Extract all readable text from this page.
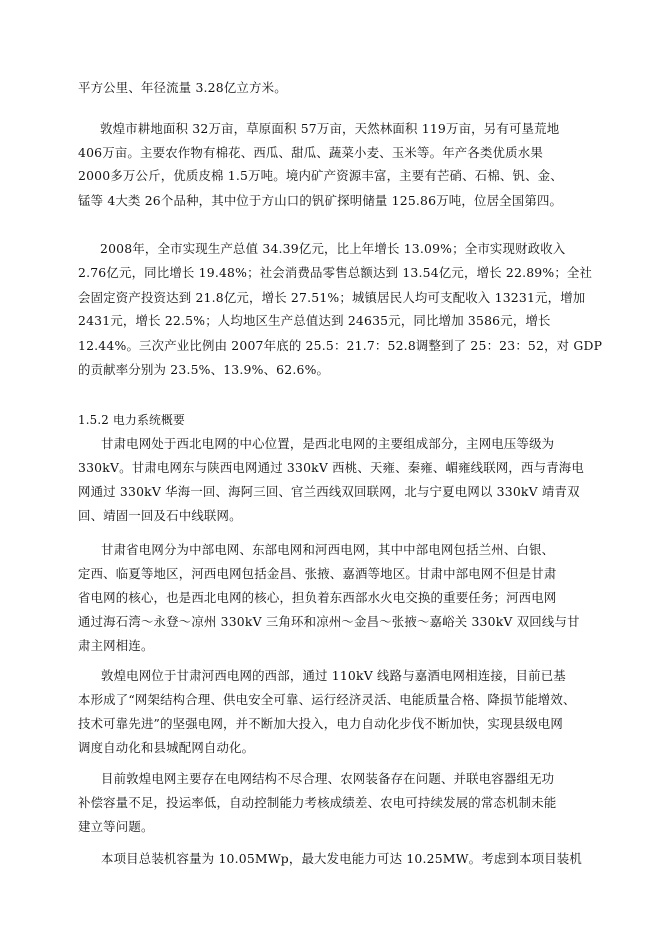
平方公里、年径流量 3.28亿立方米。
敦煌市耕地面积 32万亩，草原面积 57万亩，天然林面积 119万亩，另有可垦荒地
406万亩。主要农作物有棉花、西瓜、甜瓜、蔬菜小麦、玉米等。年产各类优质水果
2000多万公斤，优质皮棉 1.5万吨。境内矿产资源丰富，主要有芒硝、石棉、钒、金、
锰等 4大类 26个品种，其中位于方山口的钒矿探明储量 125.86万吨，位居全国第四。
2008年，全市实现生产总值 34.39亿元，比上年增长 13.09%；全市实现财政收入
2.76亿元，同比增长 19.48%；社会消费品零售总额达到 13.54亿元，增长 22.89%；全社
会固定资产投资达到 21.8亿元，增长 27.51%；城镇居民人均可支配收入 13231元，增加
2431元，增长 22.5%；人均地区生产总值达到 24635元，同比增加 3586元，增长
12.44%。三次产业比例由 2007年底的 25.5：21.7：52.8调整到了 25：23：52，对 GDP
的贡献率分别为 23.5%、13.9%、62.6%。
1.5.2 电力系统概要
甘肃电网处于西北电网的中心位置，是西北电网的主要组成部分，主网电压等级为
330kV。甘肃电网东与陕西电网通过 330kV 西桃、天雍、秦雍、嵋雍线联网，西与青海电
网通过 330kV 华海一回、海阿三回、官兰西线双回联网，北与宁夏电网以 330kV 靖青双
回、靖固一回及石中线联网。
甘肃省电网分为中部电网、东部电网和河西电网，其中中部电网包括兰州、白银、
定西、临夏等地区，河西电网包括金昌、张掖、嘉酒等地区。甘肃中部电网不但是甘肃
省电网的核心，也是西北电网的核心，担负着东西部水火电交换的重要任务；河西电网
通过海石湾～永登～凉州 330kV 三角环和凉州～金昌～张掖～嘉峪关 330kV 双回线与甘
肃主网相连。
敦煌电网位于甘肃河西电网的西部，通过 110kV 线路与嘉酒电网相连接，目前已基
本形成了“网架结构合理、供电安全可靠、运行经济灵活、电能质量合格、降损节能增效、
技术可靠先进”的坚强电网，并不断加大投入，电力自动化步伐不断加快，实现县级电网
调度自动化和县城配网自动化。
目前敦煌电网主要存在电网结构不尽合理、农网装备存在问题、并联电容器组无功
补偿容量不足，投运率低，自动控制能力考核成绩差、农电可持续发展的常态机制未能
建立等问题。
本项目总装机容量为 10.05MWp，最大发电能力可达 10.25MW。考虑到本项目装机
